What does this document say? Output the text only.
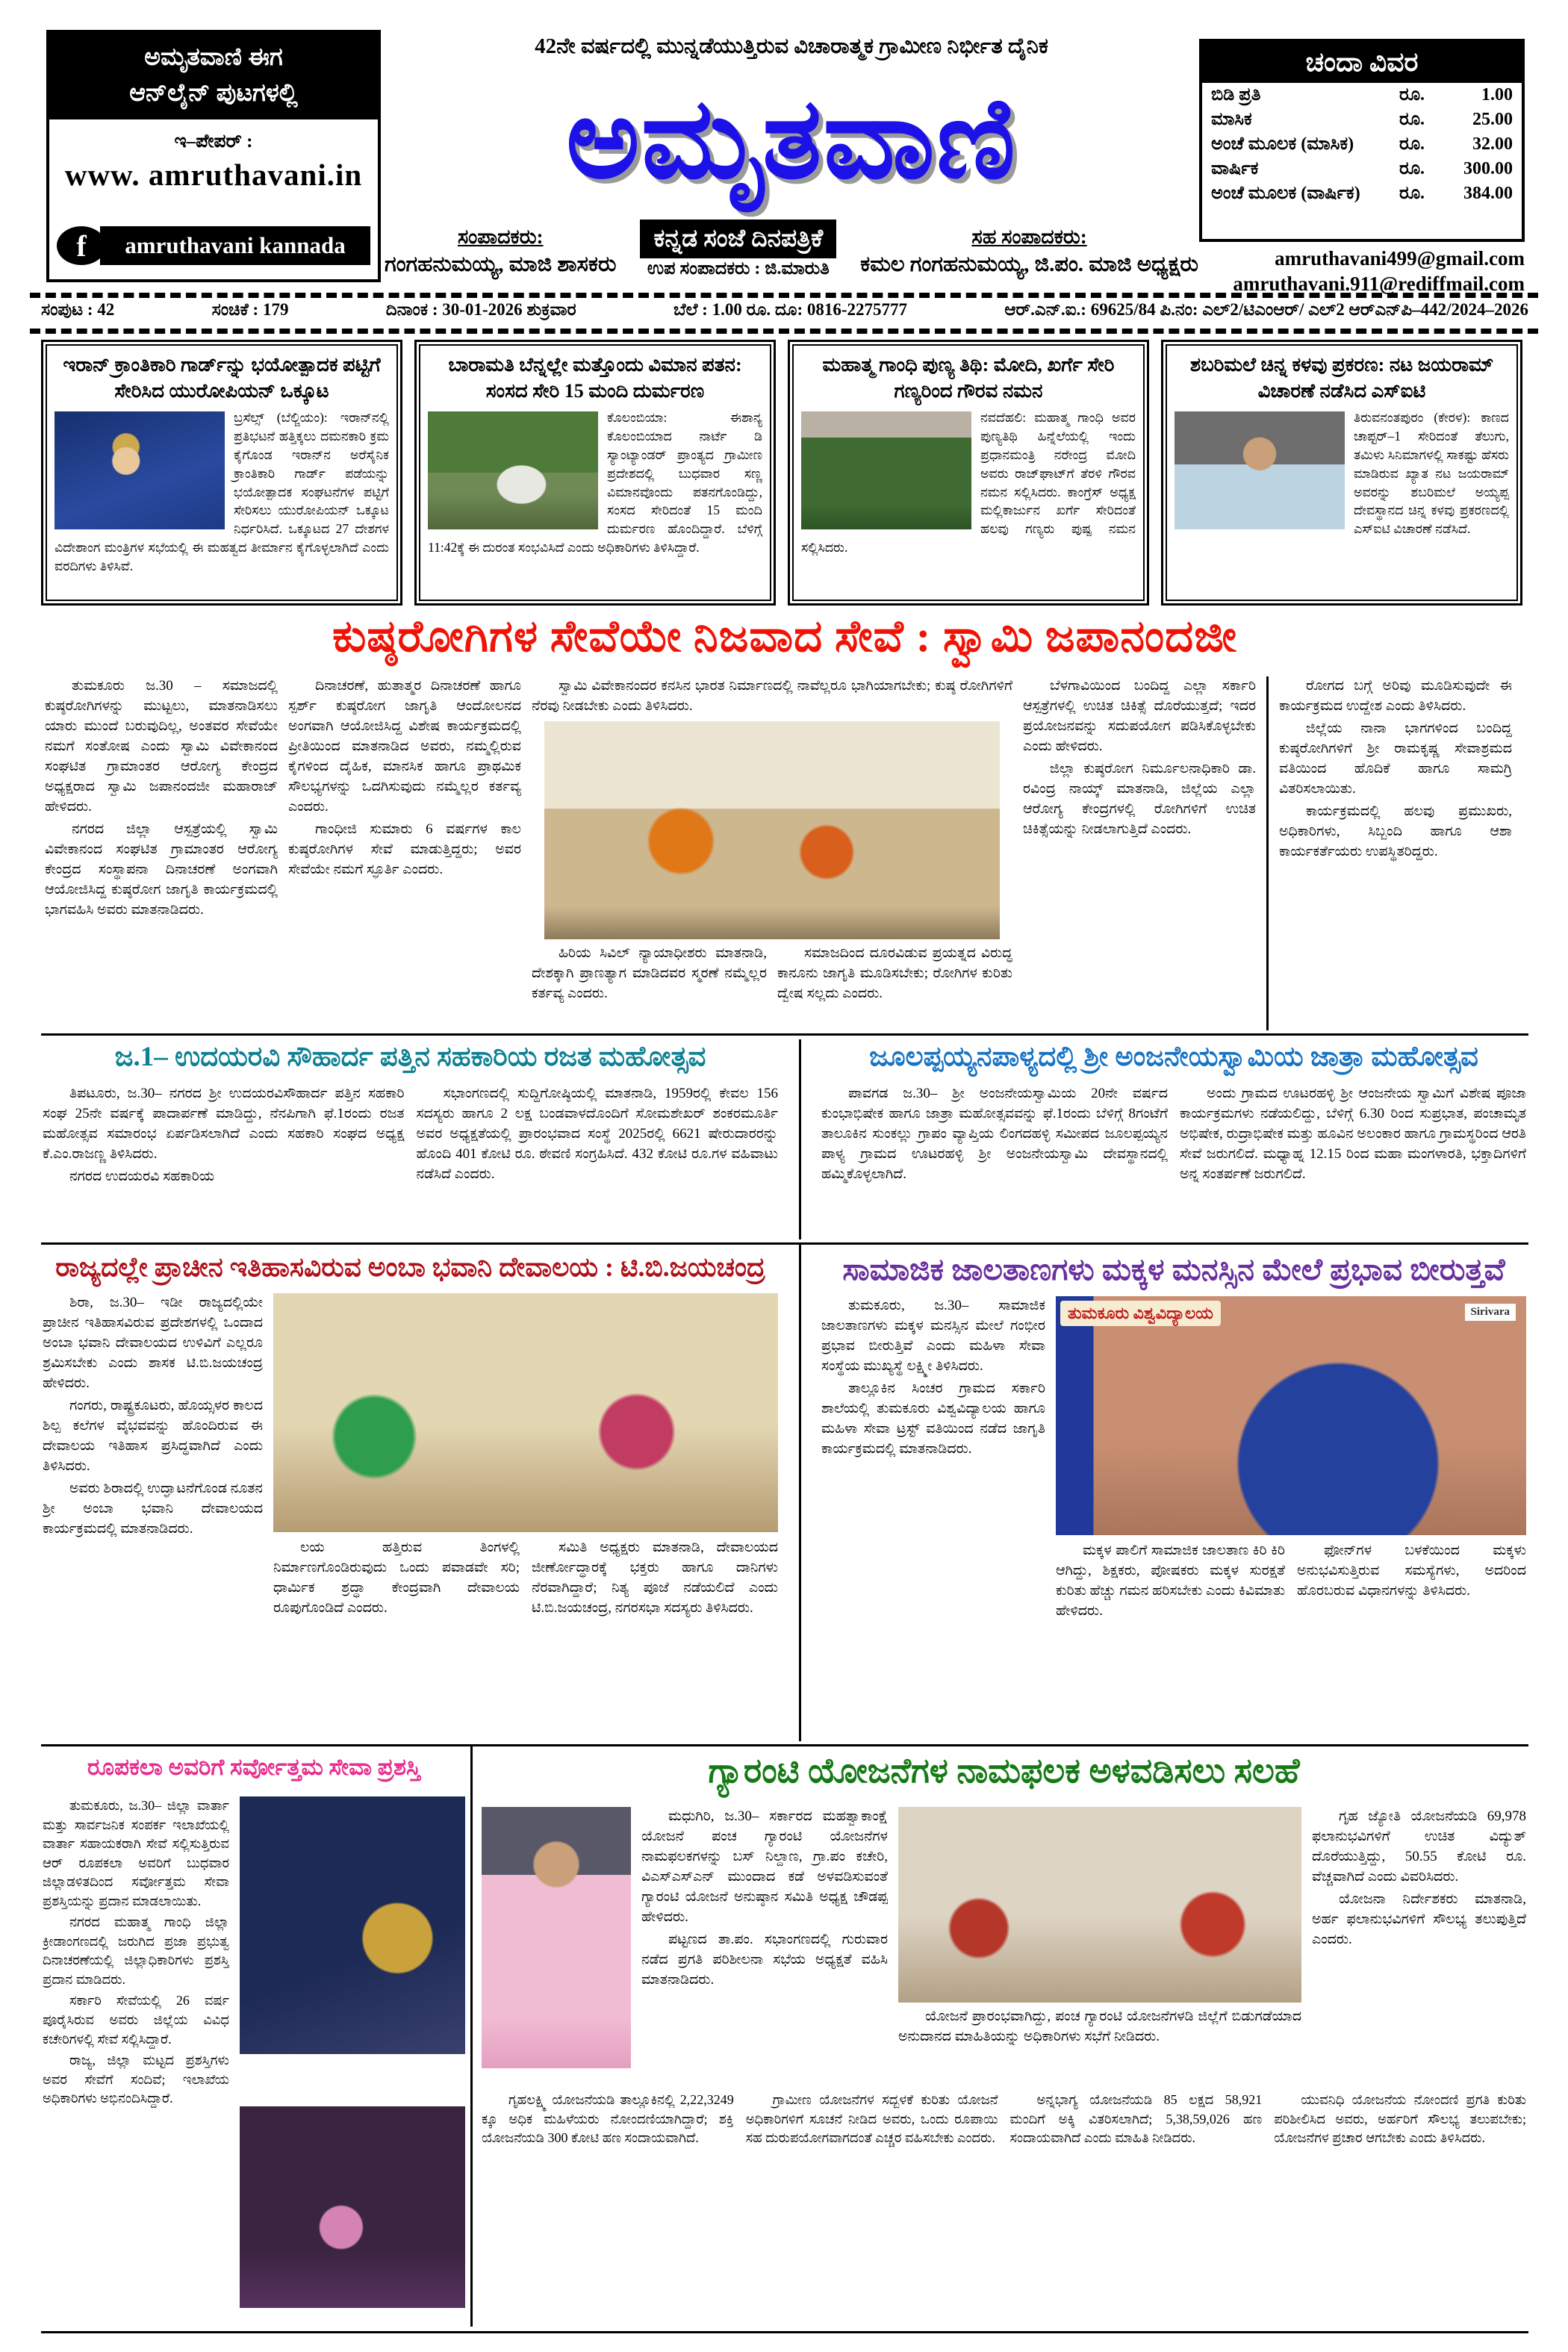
ಅಮೃತವಾಣಿ ಈಗ
ಆನ್‌ಲೈನ್ ಪುಟಗಳಲ್ಲಿ
ಇ–ಪೇಪರ್ :
www. amruthavani.in
f	amruthavani kannada
42ನೇ ವರ್ಷದಲ್ಲಿ ಮುನ್ನಡೆಯುತ್ತಿರುವ ವಿಚಾರಾತ್ಮಕ ಗ್ರಾಮೀಣ ನಿರ್ಭೀತ ದೈನಿಕ
ಅಮೃತವಾಣಿ
ಸಂಪಾದಕರು:
ಗಂಗಹನುಮಯ್ಯ, ಮಾಜಿ ಶಾಸಕರು
ಕನ್ನಡ ಸಂಜೆ ದಿನಪತ್ರಿಕೆ
ಉಪ ಸಂಪಾದಕರು : ಜಿ.ಮಾರುತಿ
ಸಹ ಸಂಪಾದಕರು:
ಕಮಲ ಗಂಗಹನುಮಯ್ಯ, ಜಿ.ಪಂ. ಮಾಜಿ ಅಧ್ಯಕ್ಷರು
ಚಂದಾ ವಿವರ
ಬಿಡಿ ಪ್ರತಿ	ರೂ.	1.00
ಮಾಸಿಕ	ರೂ.	25.00
ಅಂಚೆ ಮೂಲಕ (ಮಾಸಿಕ)	ರೂ.	32.00
ವಾರ್ಷಿಕ	ರೂ.	300.00
ಅಂಚೆ ಮೂಲಕ (ವಾರ್ಷಿಕ)	ರೂ.	384.00
amruthavani499@gmail.com
amruthavani.911@rediffmail.com
ಸಂಪುಟ : 42	ಸಂಚಿಕೆ : 179	ದಿನಾಂಕ : 30-01-2026 ಶುಕ್ರವಾರ	ಬೆಲೆ : 1.00 ರೂ. ದೂ: 0816-2275777	ಆರ್.ಎನ್.ಐ.: 69625/84 ಪಿ.ನಂ: ಎಲ್2/ಟಿಎಂಆರ್/ ಎಲ್2 ಆರ್‌ಎನ್‌ಪಿ–442/2024–2026
ಇರಾನ್ ಕ್ರಾಂತಿಕಾರಿ ಗಾರ್ಡ್‌ನ್ನು ಭಯೋತ್ಪಾದಕ ಪಟ್ಟಿಗೆ ಸೇರಿಸಿದ ಯುರೋಪಿಯನ್ ಒಕ್ಕೂಟ
ಬ್ರಸೆಲ್ಸ್ (ಬೆಲ್ಜಿಯಂ): ಇರಾನ್‌ನಲ್ಲಿ ಪ್ರತಿಭಟನೆ ಹತ್ತಿಕ್ಕಲು ದಮನಕಾರಿ ಕ್ರಮ ಕೈಗೊಂಡ ಇರಾನ್‌ನ ಅರೆಸೈನಿಕ ಕ್ರಾಂತಿಕಾರಿ ಗಾರ್ಡ್ ಪಡೆಯನ್ನು ಭಯೋತ್ಪಾದಕ ಸಂಘಟನೆಗಳ ಪಟ್ಟಿಗೆ ಸೇರಿಸಲು ಯುರೋಪಿಯನ್ ಒಕ್ಕೂಟ ನಿರ್ಧರಿಸಿದೆ. ಒಕ್ಕೂಟದ 27 ದೇಶಗಳ ವಿದೇಶಾಂಗ ಮಂತ್ರಿಗಳ ಸಭೆಯಲ್ಲಿ ಈ ಮಹತ್ವದ ತೀರ್ಮಾನ ಕೈಗೊಳ್ಳಲಾಗಿದೆ ಎಂದು ವರದಿಗಳು ತಿಳಿಸಿವೆ.
ಬಾರಾಮತಿ ಬೆನ್ನಲ್ಲೇ ಮತ್ತೊಂದು ವಿಮಾನ ಪತನ: ಸಂಸದ ಸೇರಿ 15 ಮಂದಿ ದುರ್ಮರಣ
ಕೊಲಂಬಿಯಾ: ಈಶಾನ್ಯ ಕೊಲಂಬಿಯಾದ ನಾರ್ಟೆ ಡಿ ಸ್ಯಾಂಟ್ಯಾಂಡರ್ ಪ್ರಾಂತ್ಯದ ಗ್ರಾಮೀಣ ಪ್ರದೇಶದಲ್ಲಿ ಬುಧವಾರ ಸಣ್ಣ ವಿಮಾನವೊಂದು ಪತನಗೊಂಡಿದ್ದು, ಸಂಸದ ಸೇರಿದಂತೆ 15 ಮಂದಿ ದುರ್ಮರಣ ಹೊಂದಿದ್ದಾರೆ. ಬೆಳಿಗ್ಗೆ 11:42ಕ್ಕೆ ಈ ದುರಂತ ಸಂಭವಿಸಿದೆ ಎಂದು ಅಧಿಕಾರಿಗಳು ತಿಳಿಸಿದ್ದಾರೆ.
ಮಹಾತ್ಮ ಗಾಂಧಿ ಪುಣ್ಯ ತಿಥಿ: ಮೋದಿ, ಖರ್ಗೆ ಸೇರಿ ಗಣ್ಯರಿಂದ ಗೌರವ ನಮನ
ನವದೆಹಲಿ: ಮಹಾತ್ಮ ಗಾಂಧಿ ಅವರ ಪುಣ್ಯತಿಥಿ ಹಿನ್ನೆಲೆಯಲ್ಲಿ ಇಂದು ಪ್ರಧಾನಮಂತ್ರಿ ನರೇಂದ್ರ ಮೋದಿ ಅವರು ರಾಜ್‌ಘಾಟ್‌ಗೆ ತೆರಳಿ ಗೌರವ ನಮನ ಸಲ್ಲಿಸಿದರು. ಕಾಂಗ್ರೆಸ್ ಅಧ್ಯಕ್ಷ ಮಲ್ಲಿಕಾರ್ಜುನ ಖರ್ಗೆ ಸೇರಿದಂತೆ ಹಲವು ಗಣ್ಯರು ಪುಷ್ಪ ನಮನ ಸಲ್ಲಿಸಿದರು.
ಶಬರಿಮಲೆ ಚಿನ್ನ ಕಳವು ಪ್ರಕರಣ: ನಟ ಜಯರಾಮ್ ವಿಚಾರಣೆ ನಡೆಸಿದ ಎಸ್‌ಐಟಿ
ತಿರುವನಂತಪುರಂ (ಕೇರಳ): ಕಾಣದ ಚಾಪ್ಟರ್–1 ಸೇರಿದಂತೆ ತೆಲುಗು, ತಮಿಳು ಸಿನಿಮಾಗಳಲ್ಲಿ ಸಾಕಷ್ಟು ಹೆಸರು ಮಾಡಿರುವ ಖ್ಯಾತ ನಟ ಜಯರಾಮ್ ಅವರನ್ನು ಶಬರಿಮಲೆ ಅಯ್ಯಪ್ಪ ದೇವಸ್ಥಾನದ ಚಿನ್ನ ಕಳವು ಪ್ರಕರಣದಲ್ಲಿ ಎಸ್‌ಐಟಿ ವಿಚಾರಣೆ ನಡೆಸಿದೆ.
ಕುಷ್ಠರೋಗಿಗಳ ಸೇವೆಯೇ ನಿಜವಾದ ಸೇವೆ : ಸ್ವಾಮಿ ಜಪಾನಂದಜೀ

ತುಮಕೂರು ಜ.30 – ಸಮಾಜದಲ್ಲಿ ಕುಷ್ಠರೋಗಿಗಳನ್ನು ಮುಟ್ಟಲು, ಮಾತನಾಡಿಸಲು ಯಾರು ಮುಂದೆ ಬರುವುದಿಲ್ಲ, ಅಂತವರ ಸೇವೆಯೇ ನಮಗೆ ಸಂತೋಷ ಎಂದು ಸ್ವಾಮಿ ವಿವೇಕಾನಂದ ಸಂಘಟಿತ ಗ್ರಾಮಾಂತರ ಆರೋಗ್ಯ ಕೇಂದ್ರದ ಅಧ್ಯಕ್ಷರಾದ ಸ್ವಾಮಿ ಜಪಾನಂದಜೀ ಮಹಾರಾಜ್ ಹೇಳಿದರು.

ನಗರದ ಜಿಲ್ಲಾ ಆಸ್ಪತ್ರೆಯಲ್ಲಿ ಸ್ವಾಮಿ ವಿವೇಕಾನಂದ ಸಂಘಟಿತ ಗ್ರಾಮಾಂತರ ಆರೋಗ್ಯ ಕೇಂದ್ರದ ಸಂಸ್ಥಾಪನಾ ದಿನಾಚರಣೆ ಅಂಗವಾಗಿ ಆಯೋಜಿಸಿದ್ದ ಕುಷ್ಠರೋಗ ಜಾಗೃತಿ ಕಾರ್ಯಕ್ರಮದಲ್ಲಿ ಭಾಗವಹಿಸಿ ಅವರು ಮಾತನಾಡಿದರು.

ದಿನಾಚರಣೆ, ಹುತಾತ್ಮರ ದಿನಾಚರಣೆ ಹಾಗೂ ಸ್ಪರ್ಶ್ ಕುಷ್ಠರೋಗ ಜಾಗೃತಿ ಆಂದೋಲನದ ಅಂಗವಾಗಿ ಆಯೋಜಿಸಿದ್ದ ವಿಶೇಷ ಕಾರ್ಯಕ್ರಮದಲ್ಲಿ ಪ್ರೀತಿಯಿಂದ ಮಾತನಾಡಿದ ಅವರು, ನಮ್ಮಲ್ಲಿರುವ ಕೈಗಳಿಂದ ದೈಹಿಕ, ಮಾನಸಿಕ ಹಾಗೂ ಪ್ರಾಥಮಿಕ ಸೌಲಭ್ಯಗಳನ್ನು ಒದಗಿಸುವುದು ನಮ್ಮೆಲ್ಲರ ಕರ್ತವ್ಯ ಎಂದರು.

ಗಾಂಧೀಜಿ ಸುಮಾರು 6 ವರ್ಷಗಳ ಕಾಲ ಕುಷ್ಠರೋಗಿಗಳ ಸೇವೆ ಮಾಡುತ್ತಿದ್ದರು; ಅವರ ಸೇವೆಯೇ ನಮಗೆ ಸ್ಫೂರ್ತಿ ಎಂದರು.

ಸ್ವಾಮಿ ವಿವೇಕಾನಂದರ ಕನಸಿನ ಭಾರತ ನಿರ್ಮಾಣದಲ್ಲಿ ನಾವೆಲ್ಲರೂ ಭಾಗಿಯಾಗಬೇಕು; ಕುಷ್ಠ ರೋಗಿಗಳಿಗೆ ನೆರವು ನೀಡಬೇಕು ಎಂದು ತಿಳಿಸಿದರು.

ಹಿರಿಯ ಸಿವಿಲ್ ನ್ಯಾಯಾಧೀಶರು ಮಾತನಾಡಿ, ದೇಶಕ್ಕಾಗಿ ಪ್ರಾಣತ್ಯಾಗ ಮಾಡಿದವರ ಸ್ಮರಣೆ ನಮ್ಮೆಲ್ಲರ ಕರ್ತವ್ಯ ಎಂದರು.

ಸಮಾಜದಿಂದ ದೂರವಿಡುವ ಪ್ರಯತ್ನದ ವಿರುದ್ಧ ಕಾನೂನು ಜಾಗೃತಿ ಮೂಡಿಸಬೇಕು; ರೋಗಿಗಳ ಕುರಿತು ದ್ವೇಷ ಸಲ್ಲದು ಎಂದರು.

ಬೆಳಗಾವಿಯಿಂದ ಬಂದಿದ್ದ ಎಲ್ಲಾ ಸರ್ಕಾರಿ ಆಸ್ಪತ್ರೆಗಳಲ್ಲಿ ಉಚಿತ ಚಿಕಿತ್ಸೆ ದೊರೆಯುತ್ತದೆ; ಇದರ ಪ್ರಯೋಜನವನ್ನು ಸದುಪಯೋಗ ಪಡಿಸಿಕೊಳ್ಳಬೇಕು ಎಂದು ಹೇಳಿದರು.

ಜಿಲ್ಲಾ ಕುಷ್ಠರೋಗ ನಿರ್ಮೂಲನಾಧಿಕಾರಿ ಡಾ. ರವಿಂದ್ರ ನಾಯ್ಕ್ ಮಾತನಾಡಿ, ಜಿಲ್ಲೆಯ ಎಲ್ಲಾ ಆರೋಗ್ಯ ಕೇಂದ್ರಗಳಲ್ಲಿ ರೋಗಿಗಳಿಗೆ ಉಚಿತ ಚಿಕಿತ್ಸೆಯನ್ನು ನೀಡಲಾಗುತ್ತಿದೆ ಎಂದರು.

ರೋಗದ ಬಗ್ಗೆ ಅರಿವು ಮೂಡಿಸುವುದೇ ಈ ಕಾರ್ಯಕ್ರಮದ ಉದ್ದೇಶ ಎಂದು ತಿಳಿಸಿದರು.

ಜಿಲ್ಲೆಯ ನಾನಾ ಭಾಗಗಳಿಂದ ಬಂದಿದ್ದ ಕುಷ್ಠರೋಗಿಗಳಿಗೆ ಶ್ರೀ ರಾಮಕೃಷ್ಣ ಸೇವಾಶ್ರಮದ ವತಿಯಿಂದ ಹೊದಿಕೆ ಹಾಗೂ ಸಾಮಗ್ರಿ ವಿತರಿಸಲಾಯಿತು.

ಕಾರ್ಯಕ್ರಮದಲ್ಲಿ ಹಲವು ಪ್ರಮುಖರು, ಅಧಿಕಾರಿಗಳು, ಸಿಬ್ಬಂದಿ ಹಾಗೂ ಆಶಾ ಕಾರ್ಯಕರ್ತೆಯರು ಉಪಸ್ಥಿತರಿದ್ದರು.

ಜ.1– ಉದಯರವಿ ಸೌಹಾರ್ದ ಪತ್ತಿನ ಸಹಕಾರಿಯ ರಜತ ಮಹೋತ್ಸವ

ತಿಪಟೂರು, ಜ.30– ನಗರದ ಶ್ರೀ ಉದಯರವಿಸೌಹಾರ್ದ ಪತ್ತಿನ ಸಹಕಾರಿ ಸಂಘ 25ನೇ ವರ್ಷಕ್ಕೆ ಪಾದಾರ್ಪಣೆ ಮಾಡಿದ್ದು, ನೆನಪಿಗಾಗಿ ಫೆ.1ರಂದು ರಜತ ಮಹೋತ್ಸವ ಸಮಾರಂಭ ಏರ್ಪಡಿಸಲಾಗಿದೆ ಎಂದು ಸಹಕಾರಿ ಸಂಘದ ಅಧ್ಯಕ್ಷ ಕೆ.ಎಂ.ರಾಜಣ್ಣ ತಿಳಿಸಿದರು.

ನಗರದ ಉದಯರವಿ ಸಹಕಾರಿಯ

ಸಭಾಂಗಣದಲ್ಲಿ ಸುದ್ದಿಗೋಷ್ಠಿಯಲ್ಲಿ ಮಾತನಾಡಿ, 1959ರಲ್ಲಿ ಕೇವಲ 156 ಸದಸ್ಯರು ಹಾಗೂ 2 ಲಕ್ಷ ಬಂಡವಾಳದೊಂದಿಗೆ ಸೋಮಶೇಖರ್ ಶಂಕರಮೂರ್ತಿ ಅವರ ಅಧ್ಯಕ್ಷತೆಯಲ್ಲಿ ಪ್ರಾರಂಭವಾದ ಸಂಸ್ಥೆ 2025ರಲ್ಲಿ 6621 ಷೇರುದಾರರನ್ನು ಹೊಂದಿ 401 ಕೋಟಿ ರೂ. ಠೇವಣಿ ಸಂಗ್ರಹಿಸಿದೆ. 432 ಕೋಟಿ ರೂ.ಗಳ ವಹಿವಾಟು ನಡೆಸಿದೆ ಎಂದರು.

ಜೂಲಪ್ಪಯ್ಯನಪಾಳ್ಯದಲ್ಲಿ ಶ್ರೀ ಅಂಜನೇಯಸ್ವಾಮಿಯ ಜಾತ್ರಾ ಮಹೋತ್ಸವ

ಪಾವಗಡ ಜ.30– ಶ್ರೀ ಅಂಜನೇಯಸ್ವಾಮಿಯ 20ನೇ ವರ್ಷದ ಕುಂಭಾಭಿಷೇಕ ಹಾಗೂ ಜಾತ್ರಾ ಮಹೋತ್ಸವವನ್ನು ಫೆ.1ರಂದು ಬೆಳಿಗ್ಗೆ 8ಗಂಟೆಗೆ ತಾಲೂಕಿನ ಸುಂಕಲ್ಲು ಗ್ರಾಪಂ ವ್ಯಾಪ್ತಿಯ ಲಿಂಗದಹಳ್ಳಿ ಸಮೀಪದ ಜೂಲಪ್ಪಯ್ಯನ ಪಾಳ್ಯ ಗ್ರಾಮದ ಊಟರಹಳ್ಳಿ ಶ್ರೀ ಅಂಜನೇಯಸ್ವಾಮಿ ದೇವಸ್ಥಾನದಲ್ಲಿ ಹಮ್ಮಿಕೊಳ್ಳಲಾಗಿದೆ.

ಅಂದು ಗ್ರಾಮದ ಊಟರಹಳ್ಳಿ ಶ್ರೀ ಆಂಜನೇಯ ಸ್ವಾಮಿಗೆ ವಿಶೇಷ ಪೂಜಾ ಕಾರ್ಯಕ್ರಮಗಳು ನಡೆಯಲಿದ್ದು, ಬೆಳಿಗ್ಗೆ 6.30 ರಿಂದ ಸುಪ್ರಭಾತ, ಪಂಚಾಮೃತ ಅಭಿಷೇಕ, ರುದ್ರಾಭಿಷೇಕ ಮತ್ತು ಹೂವಿನ ಅಲಂಕಾರ ಹಾಗೂ ಗ್ರಾಮಸ್ಥರಿಂದ ಆರತಿ ಸೇವೆ ಜರುಗಲಿದೆ. ಮಧ್ಯಾಹ್ನ 12.15 ರಿಂದ ಮಹಾ ಮಂಗಳಾರತಿ, ಭಕ್ತಾದಿಗಳಿಗೆ ಅನ್ನ ಸಂತರ್ಪಣೆ ಜರುಗಲಿದೆ.

ರಾಜ್ಯದಲ್ಲೇ ಪ್ರಾಚೀನ ಇತಿಹಾಸವಿರುವ ಅಂಬಾ ಭವಾನಿ ದೇವಾಲಯ : ಟಿ.ಬಿ.ಜಯಚಂದ್ರ

ಶಿರಾ, ಜ.30– ಇಡೀ ರಾಜ್ಯದಲ್ಲಿಯೇ ಪ್ರಾಚೀನ ಇತಿಹಾಸವಿರುವ ಪ್ರದೇಶಗಳಲ್ಲಿ ಒಂದಾದ ಅಂಬಾ ಭವಾನಿ ದೇವಾಲಯದ ಉಳಿವಿಗೆ ಎಲ್ಲರೂ ಶ್ರಮಿಸಬೇಕು ಎಂದು ಶಾಸಕ ಟಿ.ಬಿ.ಜಯಚಂದ್ರ ಹೇಳಿದರು.

ಗಂಗರು, ರಾಷ್ಟ್ರಕೂಟರು, ಹೊಯ್ಸಳರ ಕಾಲದ ಶಿಲ್ಪ ಕಲೆಗಳ ವೈಭವವನ್ನು ಹೊಂದಿರುವ ಈ ದೇವಾಲಯ ಇತಿಹಾಸ ಪ್ರಸಿದ್ಧವಾಗಿದೆ ಎಂದು ತಿಳಿಸಿದರು.

ಅವರು ಶಿರಾದಲ್ಲಿ ಉದ್ಘಾಟನೆಗೊಂಡ ನೂತನ ಶ್ರೀ ಅಂಬಾ ಭವಾನಿ ದೇವಾಲಯದ ಕಾರ್ಯಕ್ರಮದಲ್ಲಿ ಮಾತನಾಡಿದರು.

ಲಯ ಹತ್ತಿರುವ ತಿಂಗಳಲ್ಲಿ ನಿರ್ಮಾಣಗೊಂಡಿರುವುದು ಒಂದು ಪವಾಡವೇ ಸರಿ; ಧಾರ್ಮಿಕ ಶ್ರದ್ಧಾ ಕೇಂದ್ರವಾಗಿ ದೇವಾಲಯ ರೂಪುಗೊಂಡಿದೆ ಎಂದರು.

ಸಮಿತಿ ಅಧ್ಯಕ್ಷರು ಮಾತನಾಡಿ, ದೇವಾಲಯದ ಜೀರ್ಣೋದ್ಧಾರಕ್ಕೆ ಭಕ್ತರು ಹಾಗೂ ದಾನಿಗಳು ನೆರವಾಗಿದ್ದಾರೆ; ನಿತ್ಯ ಪೂಜೆ ನಡೆಯಲಿದೆ ಎಂದು ಟಿ.ಬಿ.ಜಯಚಂದ್ರ, ನಗರಸಭಾ ಸದಸ್ಯರು ತಿಳಿಸಿದರು.

ಸಾಮಾಜಿಕ ಜಾಲತಾಣಗಳು ಮಕ್ಕಳ ಮನಸ್ಸಿನ ಮೇಲೆ ಪ್ರಭಾವ ಬೀರುತ್ತವೆ

ತುಮಕೂರು, ಜ.30– ಸಾಮಾಜಿಕ ಜಾಲತಾಣಗಳು ಮಕ್ಕಳ ಮನಸ್ಸಿನ ಮೇಲೆ ಗಂಭೀರ ಪ್ರಭಾವ ಬೀರುತ್ತಿವೆ ಎಂದು ಮಹಿಳಾ ಸೇವಾ ಸಂಸ್ಥೆಯ ಮುಖ್ಯಸ್ಥೆ ಲಕ್ಷ್ಮೀ ತಿಳಿಸಿದರು.

ತಾಲ್ಲೂಕಿನ ಸಿಂಚರ ಗ್ರಾಮದ ಸರ್ಕಾರಿ ಶಾಲೆಯಲ್ಲಿ ತುಮಕೂರು ವಿಶ್ವವಿದ್ಯಾಲಯ ಹಾಗೂ ಮಹಿಳಾ ಸೇವಾ ಟ್ರಸ್ಟ್ ವತಿಯಿಂದ ನಡೆದ ಜಾಗೃತಿ ಕಾರ್ಯಕ್ರಮದಲ್ಲಿ ಮಾತನಾಡಿದರು.

ತುಮಕೂರು ವಿಶ್ವವಿದ್ಯಾಲಯ	Sirivara

ಮಕ್ಕಳ ಪಾಲಿಗೆ ಸಾಮಾಜಿಕ ಜಾಲತಾಣ ಕಿರಿ ಕಿರಿ ಆಗಿದ್ದು, ಶಿಕ್ಷಕರು, ಪೋಷಕರು ಮಕ್ಕಳ ಸುರಕ್ಷತೆ ಕುರಿತು ಹೆಚ್ಚು ಗಮನ ಹರಿಸಬೇಕು ಎಂದು ಕಿವಿಮಾತು ಹೇಳಿದರು.

ಫೋನ್‌ಗಳ ಬಳಕೆಯಿಂದ ಮಕ್ಕಳು ಅನುಭವಿಸುತ್ತಿರುವ ಸಮಸ್ಯೆಗಳು, ಅದರಿಂದ ಹೊರಬರುವ ವಿಧಾನಗಳನ್ನು ತಿಳಿಸಿದರು.

ರೂಪಕಲಾ ಅವರಿಗೆ ಸರ್ವೋತ್ತಮ ಸೇವಾ ಪ್ರಶಸ್ತಿ

ತುಮಕೂರು, ಜ.30– ಜಿಲ್ಲಾ ವಾರ್ತಾ ಮತ್ತು ಸಾರ್ವಜನಿಕ ಸಂಪರ್ಕ ಇಲಾಖೆಯಲ್ಲಿ ವಾರ್ತಾ ಸಹಾಯಕರಾಗಿ ಸೇವೆ ಸಲ್ಲಿಸುತ್ತಿರುವ ಆರ್ ರೂಪಕಲಾ ಅವರಿಗೆ ಬುಧವಾರ ಜಿಲ್ಲಾಡಳಿತದಿಂದ ಸರ್ವೋತ್ತಮ ಸೇವಾ ಪ್ರಶಸ್ತಿಯನ್ನು ಪ್ರದಾನ ಮಾಡಲಾಯಿತು.

ನಗರದ ಮಹಾತ್ಮ ಗಾಂಧಿ ಜಿಲ್ಲಾ ಕ್ರೀಡಾಂಗಣದಲ್ಲಿ ಜರುಗಿದ ಪ್ರಜಾ ಪ್ರಭುತ್ವ ದಿನಾಚರಣೆಯಲ್ಲಿ ಜಿಲ್ಲಾಧಿಕಾರಿಗಳು ಪ್ರಶಸ್ತಿ ಪ್ರದಾನ ಮಾಡಿದರು.

ಸರ್ಕಾರಿ ಸೇವೆಯಲ್ಲಿ 26 ವರ್ಷ ಪೂರೈಸಿರುವ ಅವರು ಜಿಲ್ಲೆಯ ವಿವಿಧ ಕಚೇರಿಗಳಲ್ಲಿ ಸೇವೆ ಸಲ್ಲಿಸಿದ್ದಾರೆ.

ರಾಜ್ಯ, ಜಿಲ್ಲಾ ಮಟ್ಟದ ಪ್ರಶಸ್ತಿಗಳು ಅವರ ಸೇವೆಗೆ ಸಂದಿವೆ; ಇಲಾಖೆಯ ಅಧಿಕಾರಿಗಳು ಅಭಿನಂದಿಸಿದ್ದಾರೆ.

ಗ್ಯಾರಂಟಿ ಯೋಜನೆಗಳ ನಾಮಫಲಕ ಅಳವಡಿಸಲು ಸಲಹೆ

ಮಧುಗಿರಿ, ಜ.30– ಸರ್ಕಾರದ ಮಹತ್ವಾಕಾಂಕ್ಷೆ ಯೋಜನೆ ಪಂಚ ಗ್ಯಾರಂಟಿ ಯೋಜನೆಗಳ ನಾಮಫಲಕಗಳನ್ನು ಬಸ್ ನಿಲ್ದಾಣ, ಗ್ರಾ.ಪಂ ಕಚೇರಿ, ವಿಎಸ್‌ಎಸ್‌ಎನ್ ಮುಂದಾದ ಕಡೆ ಅಳವಡಿಸುವಂತೆ ಗ್ಯಾರಂಟಿ ಯೋಜನೆ ಅನುಷ್ಠಾನ ಸಮಿತಿ ಅಧ್ಯಕ್ಷ ಚೌಡಪ್ಪ ಹೇಳಿದರು.

ಪಟ್ಟಣದ ತಾ.ಪಂ. ಸಭಾಂಗಣದಲ್ಲಿ ಗುರುವಾರ ನಡೆದ ಪ್ರಗತಿ ಪರಿಶೀಲನಾ ಸಭೆಯ ಅಧ್ಯಕ್ಷತೆ ವಹಿಸಿ ಮಾತನಾಡಿದರು.

ಯೋಜನೆ ಪ್ರಾರಂಭವಾಗಿದ್ದು, ಪಂಚ ಗ್ಯಾರಂಟಿ ಯೋಜನೆಗಳಡಿ ಜಿಲ್ಲೆಗೆ ಬಿಡುಗಡೆಯಾದ ಅನುದಾನದ ಮಾಹಿತಿಯನ್ನು ಅಧಿಕಾರಿಗಳು ಸಭೆಗೆ ನೀಡಿದರು.

ಗೃಹ ಜ್ಯೋತಿ ಯೋಜನೆಯಡಿ 69,978 ಫಲಾನುಭವಿಗಳಿಗೆ ಉಚಿತ ವಿದ್ಯುತ್ ದೊರೆಯುತ್ತಿದ್ದು, 50.55 ಕೋಟಿ ರೂ. ವೆಚ್ಚವಾಗಿದೆ ಎಂದು ವಿವರಿಸಿದರು.

ಯೋಜನಾ ನಿರ್ದೇಶಕರು ಮಾತನಾಡಿ, ಅರ್ಹ ಫಲಾನುಭವಿಗಳಿಗೆ ಸೌಲಭ್ಯ ತಲುಪುತ್ತಿದೆ ಎಂದರು.

ಗೃಹಲಕ್ಷ್ಮಿ ಯೋಜನೆಯಡಿ ತಾಲ್ಲೂಕಿನಲ್ಲಿ 2,22,3249 ಕ್ಕೂ ಅಧಿಕ ಮಹಿಳೆಯರು ನೋಂದಣಿಯಾಗಿದ್ದಾರೆ; ಶಕ್ತಿ ಯೋಜನೆಯಡಿ 300 ಕೋಟಿ ಹಣ ಸಂದಾಯವಾಗಿದೆ.

ಗ್ರಾಮೀಣ ಯೋಜನೆಗಳ ಸದ್ಬಳಕೆ ಕುರಿತು ಯೋಜನೆ ಅಧಿಕಾರಿಗಳಿಗೆ ಸೂಚನೆ ನೀಡಿದ ಅವರು, ಒಂದು ರೂಪಾಯಿ ಸಹ ದುರುಪಯೋಗವಾಗದಂತೆ ಎಚ್ಚರ ವಹಿಸಬೇಕು ಎಂದರು.

ಅನ್ನಭಾಗ್ಯ ಯೋಜನೆಯಡಿ 85 ಲಕ್ಷದ 58,921 ಮಂದಿಗೆ ಅಕ್ಕಿ ವಿತರಿಸಲಾಗಿದೆ; 5,38,59,026 ಹಣ ಸಂದಾಯವಾಗಿದೆ ಎಂದು ಮಾಹಿತಿ ನೀಡಿದರು.

ಯುವನಿಧಿ ಯೋಜನೆಯ ನೋಂದಣಿ ಪ್ರಗತಿ ಕುರಿತು ಪರಿಶೀಲಿಸಿದ ಅವರು, ಅರ್ಹರಿಗೆ ಸೌಲಭ್ಯ ತಲುಪಬೇಕು; ಯೋಜನೆಗಳ ಪ್ರಚಾರ ಆಗಬೇಕು ಎಂದು ತಿಳಿಸಿದರು.
